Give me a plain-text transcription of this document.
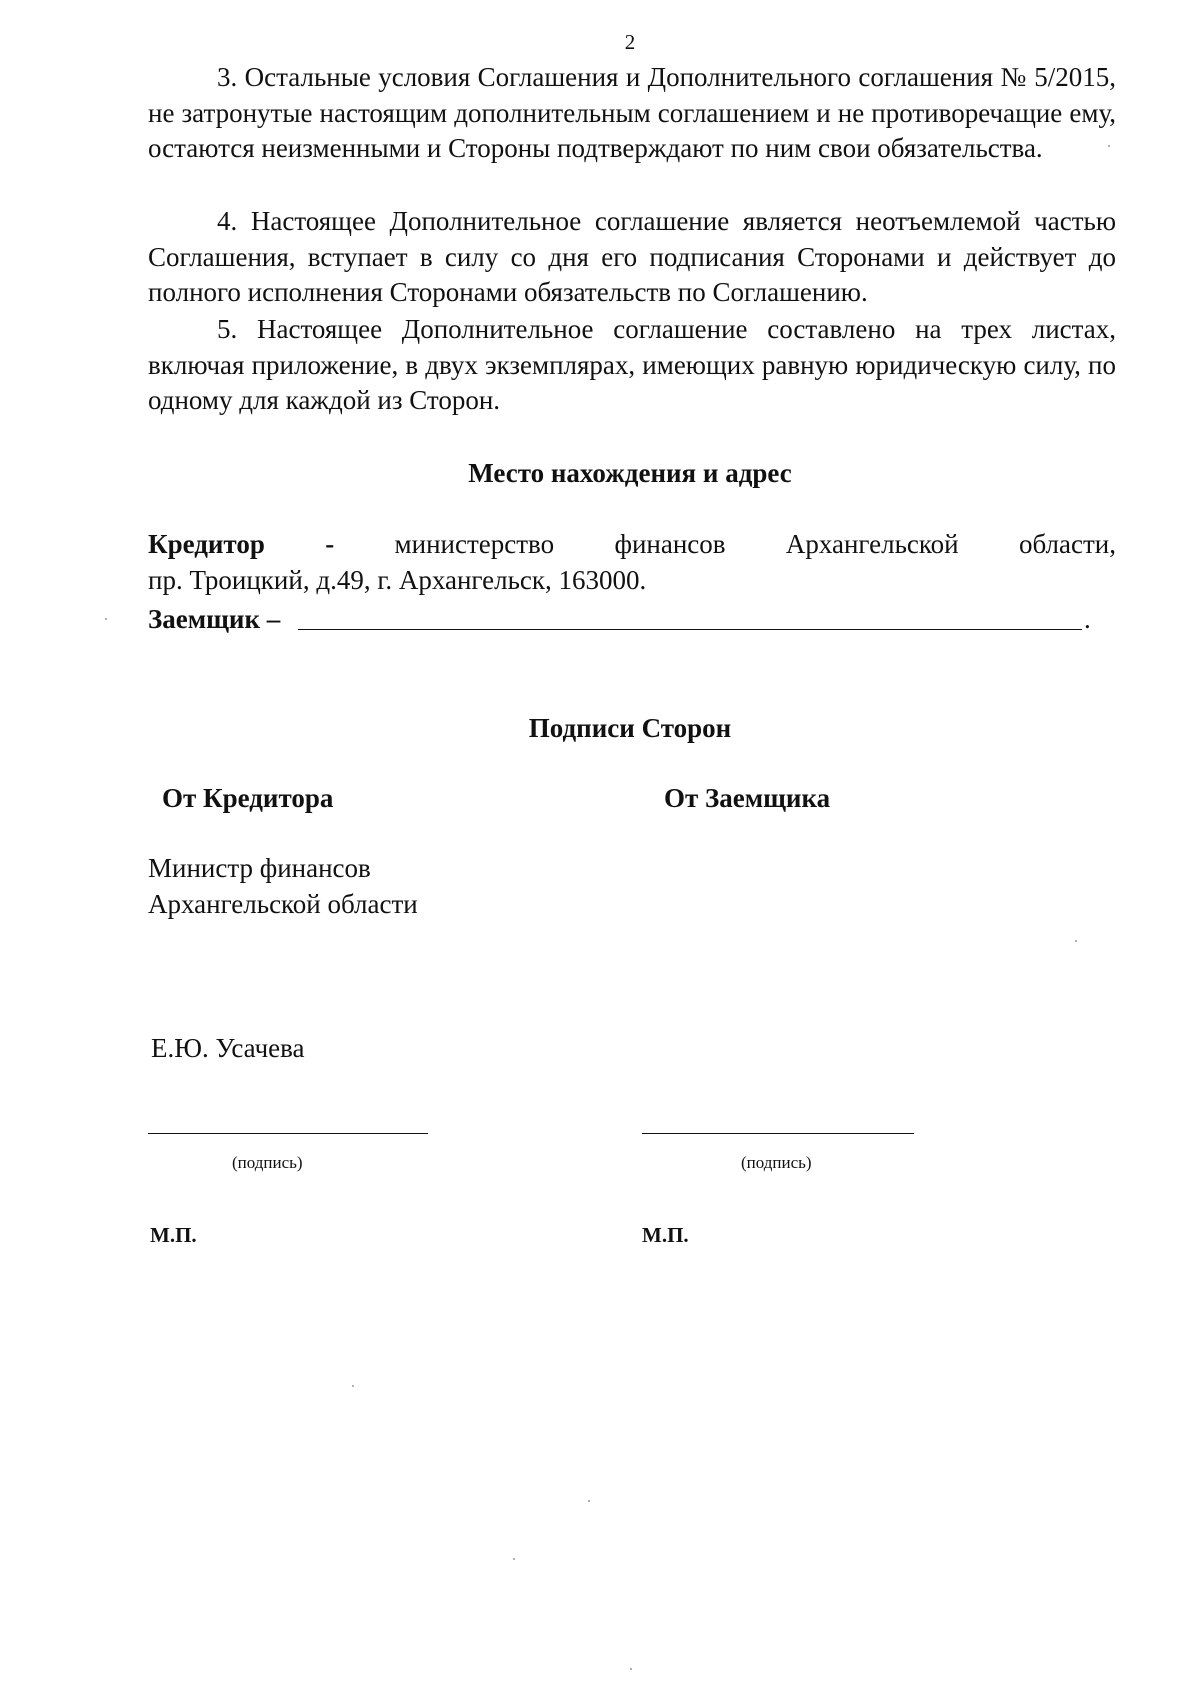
2
3. Остальные условия Соглашения и Дополнительного соглашения № 5/2015, не затронутые настоящим дополнительным соглашением и не противоречащие ему, остаются неизменными и Стороны подтверждают по ним свои обязательства.
4. Настоящее Дополнительное соглашение является неотъемлемой частью Соглашения, вступает в силу со дня его подписания Сторонами и действует до полного исполнения Сторонами обязательств по Соглашению.
5. Настоящее Дополнительное соглашение составлено на трех листах, включая приложение, в двух экземплярах, имеющих равную юридическую силу, по одному для каждой из Сторон.
Место нахождения и адрес
Кредитор - министерство финансов Архангельской области,
пр. Троицкий, д.49, г. Архангельск, 163000.
Заемщик –	.
Подписи Сторон
От Кредитора	От Заемщика
Министр финансов
Архангельской области
Е.Ю. Усачева
(подпись)	(подпись)
М.П.	М.П.
